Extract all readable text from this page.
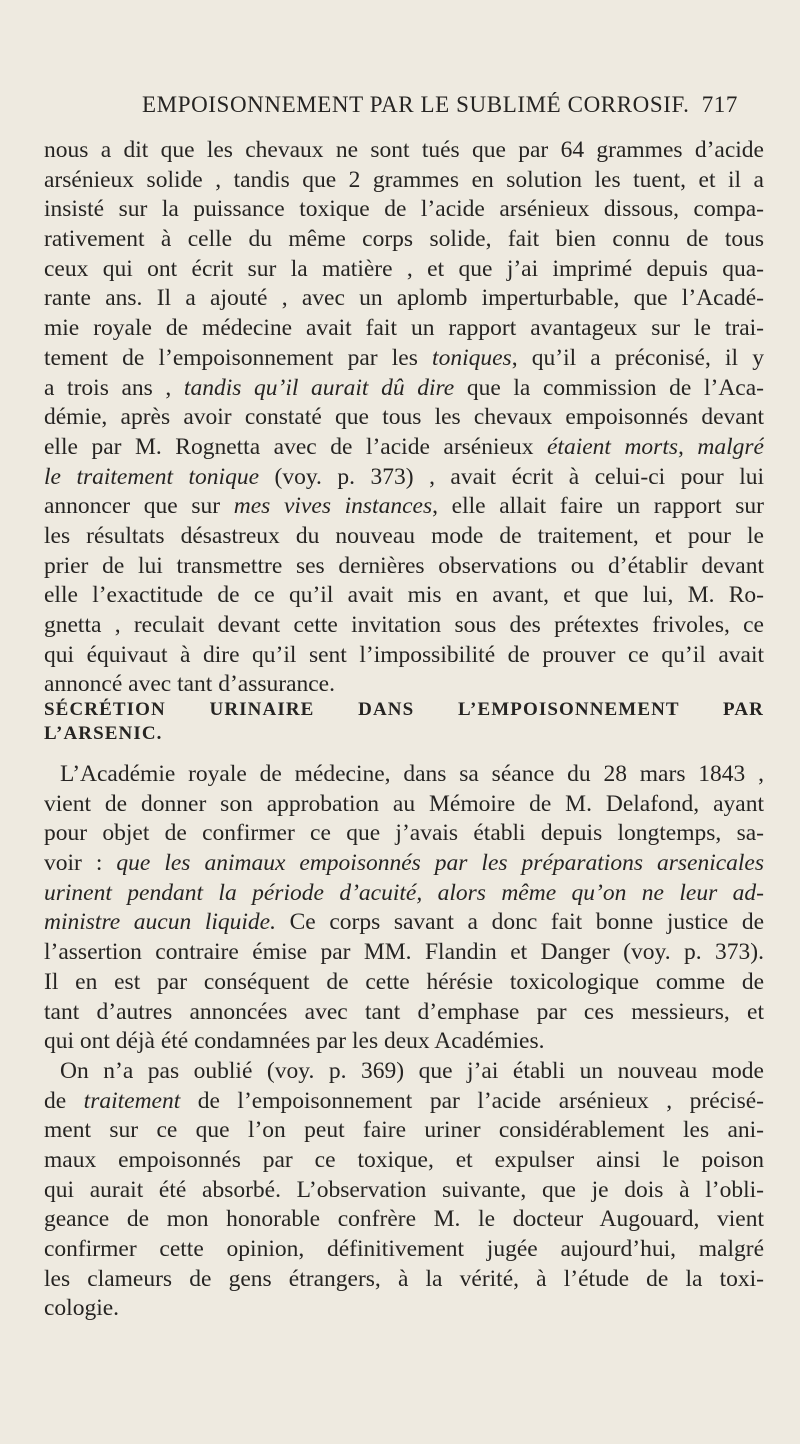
EMPOISONNEMENT PAR LE SUBLIMÉ CORROSIF. 717
nous a dit que les chevaux ne sont tués que par 64 grammes d’acide
arsénieux solide , tandis que 2 grammes en solution les tuent, et il a
insisté sur la puissance toxique de l’acide arsénieux dissous, compa-
rativement à celle du même corps solide, fait bien connu de tous
ceux qui ont écrit sur la matière , et que j’ai imprimé depuis qua-
rante ans. Il a ajouté , avec un aplomb imperturbable, que l’Acadé-
mie royale de médecine avait fait un rapport avantageux sur le trai-
tement de l’empoisonnement par les toniques, qu’il a préconisé, il y
a trois ans , tandis qu’il aurait dû dire que la commission de l’Aca-
démie, après avoir constaté que tous les chevaux empoisonnés devant
elle par M. Rognetta avec de l’acide arsénieux étaient morts, malgré
le traitement tonique (voy. p. 373) , avait écrit à celui-ci pour lui
annoncer que sur mes vives instances, elle allait faire un rapport sur
les résultats désastreux du nouveau mode de traitement, et pour le
prier de lui transmettre ses dernières observations ou d’établir devant
elle l’exactitude de ce qu’il avait mis en avant, et que lui, M. Ro-
gnetta , reculait devant cette invitation sous des prétextes frivoles, ce
qui équivaut à dire qu’il sent l’impossibilité de prouver ce qu’il avait
annoncé avec tant d’assurance.
SÉCRÉTION URINAIRE DANS L’EMPOISONNEMENT PAR
L’ARSENIC.
L’Académie royale de médecine, dans sa séance du 28 mars 1843 ,
vient de donner son approbation au Mémoire de M. Delafond, ayant
pour objet de confirmer ce que j’avais établi depuis longtemps, sa-
voir : que les animaux empoisonnés par les préparations arsenicales
urinent pendant la période d’acuité, alors même qu’on ne leur ad-
ministre aucun liquide. Ce corps savant a donc fait bonne justice de
l’assertion contraire émise par MM. Flandin et Danger (voy. p. 373).
Il en est par conséquent de cette hérésie toxicologique comme de
tant d’autres annoncées avec tant d’emphase par ces messieurs, et
qui ont déjà été condamnées par les deux Académies.
On n’a pas oublié (voy. p. 369) que j’ai établi un nouveau mode
de traitement de l’empoisonnement par l’acide arsénieux , précisé-
ment sur ce que l’on peut faire uriner considérablement les ani-
maux empoisonnés par ce toxique, et expulser ainsi le poison
qui aurait été absorbé. L’observation suivante, que je dois à l’obli-
geance de mon honorable confrère M. le docteur Augouard, vient
confirmer cette opinion, définitivement jugée aujourd’hui, malgré
les clameurs de gens étrangers, à la vérité, à l’étude de la toxi-
cologie.
